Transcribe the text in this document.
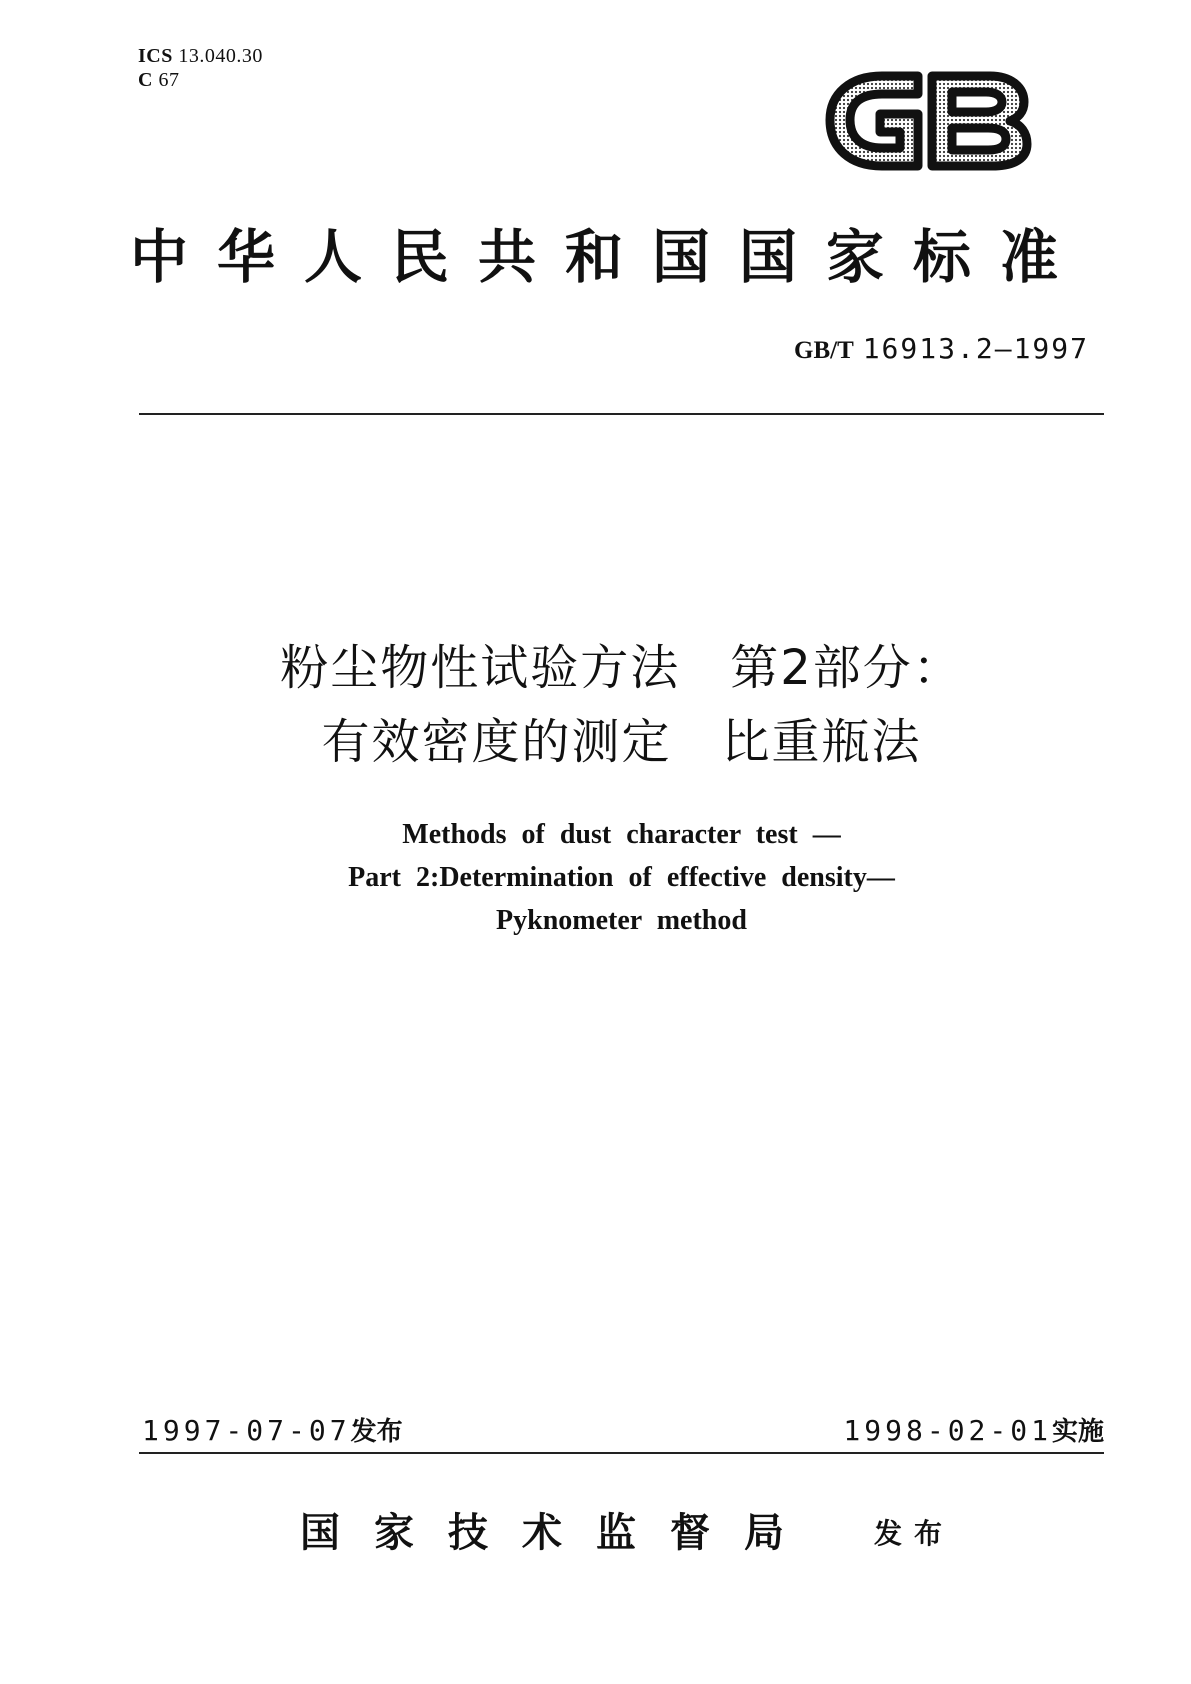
ICS 13.040.30
C 67
中华人民共和国国家标准
GB/T 16913.2—1997
粉尘物性试验方法　第2部分：
有效密度的测定　比重瓶法
Methods of dust character test —
Part 2:Determination of effective density—
Pyknometer method
1997-07-07发布	1998-02-01实施
国家技术监督局 发布
